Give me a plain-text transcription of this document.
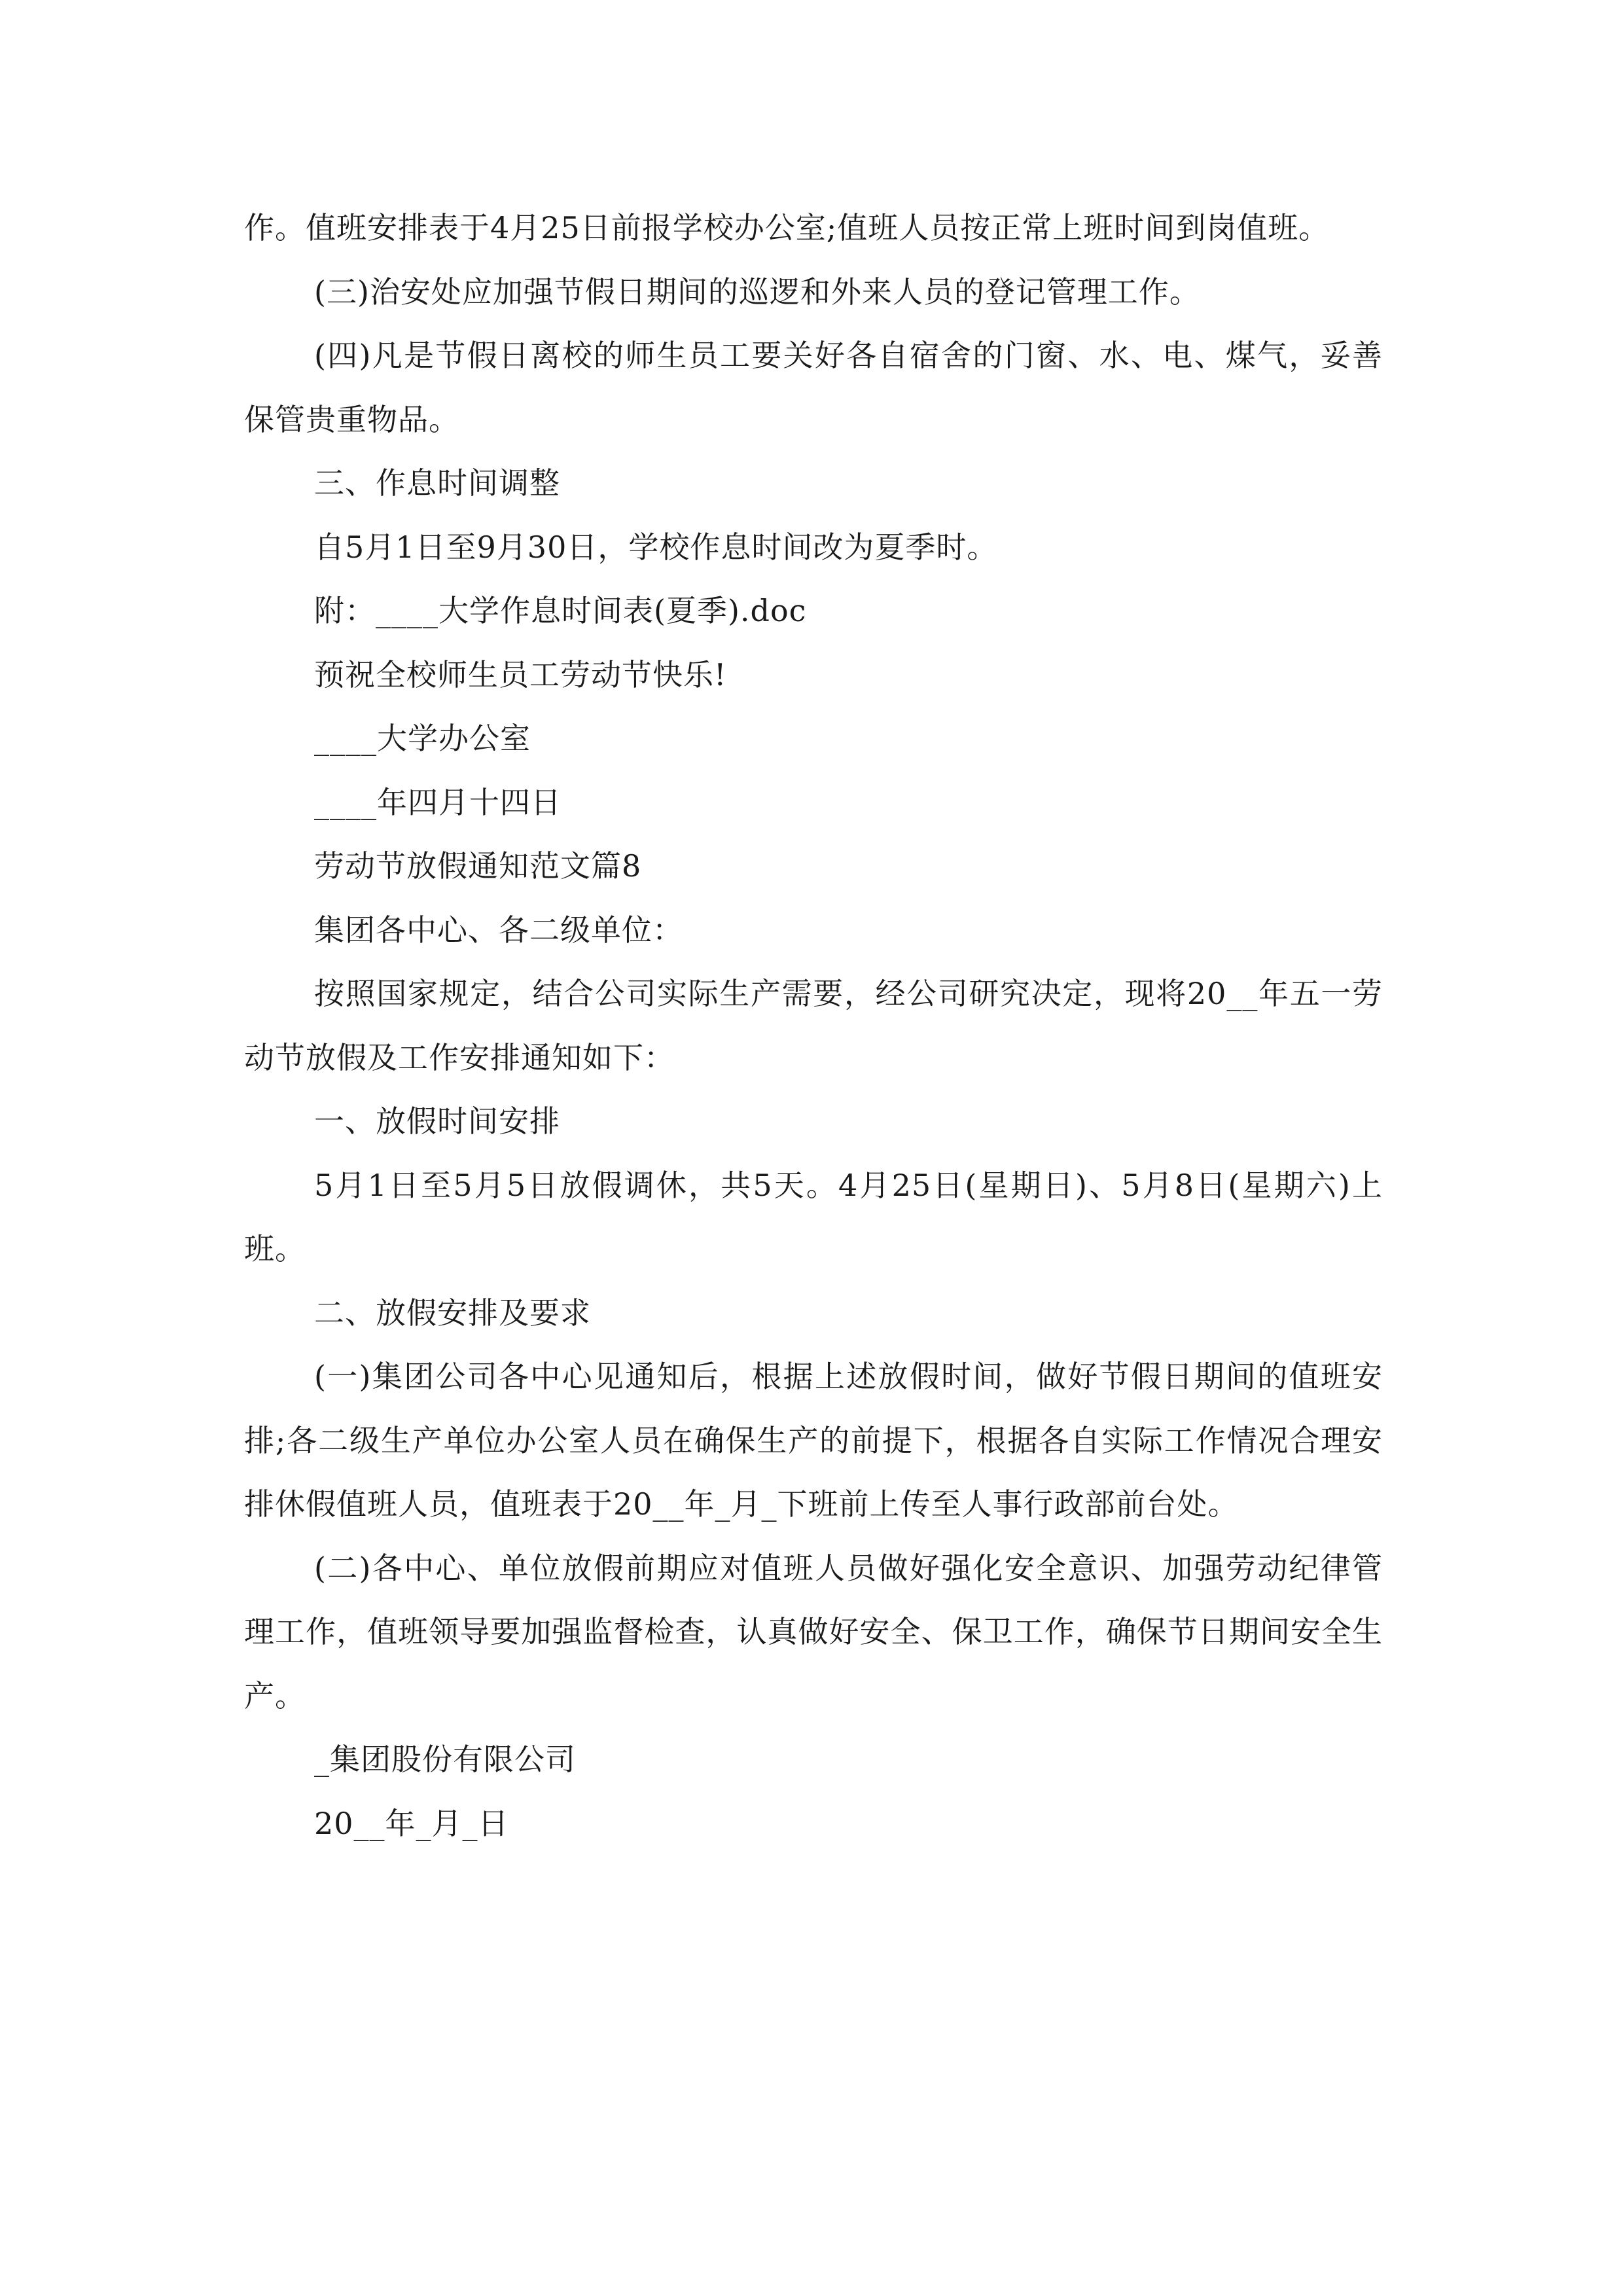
作。值班安排表于4月25日前报学校办公室;值班人员按正常上班时间到岗值班。

(三)治安处应加强节假日期间的巡逻和外来人员的登记管理工作。

(四)凡是节假日离校的师生员工要关好各自宿舍的门窗、水、电、煤气，妥善保管贵重物品。

三、作息时间调整

自5月1日至9月30日，学校作息时间改为夏季时。

附：____大学作息时间表(夏季).doc

预祝全校师生员工劳动节快乐!

____大学办公室

____年四月十四日

劳动节放假通知范文篇8

集团各中心、各二级单位：

按照国家规定，结合公司实际生产需要，经公司研究决定，现将20__年五一劳动节放假及工作安排通知如下：

一、放假时间安排

5月1日至5月5日放假调休，共5天。4月25日(星期日)、5月8日(星期六)上班。

二、放假安排及要求

(一)集团公司各中心见通知后，根据上述放假时间，做好节假日期间的值班安排;各二级生产单位办公室人员在确保生产的前提下，根据各自实际工作情况合理安排休假值班人员，值班表于20__年_月_下班前上传至人事行政部前台处。

(二)各中心、单位放假前期应对值班人员做好强化安全意识、加强劳动纪律管理工作，值班领导要加强监督检查，认真做好安全、保卫工作，确保节日期间安全生产。

_集团股份有限公司

20__年_月_日
